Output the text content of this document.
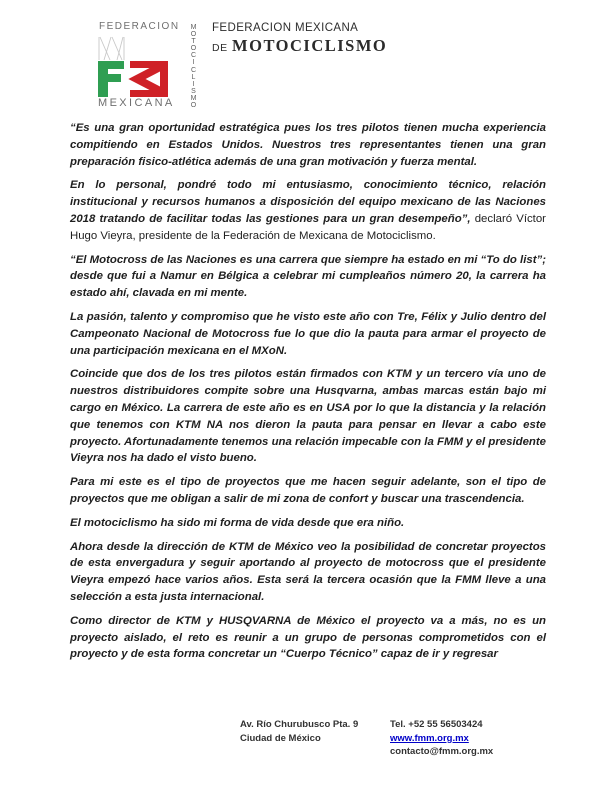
FEDERACION M
O
T
O
C
I
C
L
I
S
M
O
MEXICANA
FEDERACION MEXICANA
DE MOTOCICLISMO

“Es una gran oportunidad estratégica pues los tres pilotos tienen mucha experiencia compitiendo en Estados Unidos. Nuestros tres representantes tienen una gran preparación fisico-atlética además de una gran motivación y fuerza mental.

En lo personal, pondré todo mi entusiasmo, conocimiento técnico, relación institucional y recursos humanos a disposición del equipo mexicano de las Naciones 2018 tratando de facilitar todas las gestiones para un gran desempeño”, declaró Víctor Hugo Vieyra, presidente de la Federación de Mexicana de Motociclismo.

“El Motocross de las Naciones es una carrera que siempre ha estado en mi “To do list”; desde que fui a Namur en Bélgica a celebrar mi cumpleaños número 20, la carrera ha estado ahí, clavada en mi mente.

La pasión, talento y compromiso que he visto este año con Tre, Félix y Julio dentro del Campeonato Nacional de Motocross fue lo que dio la pauta para armar el proyecto de una participación mexicana en el MXoN.

Coincide que dos de los tres pilotos están firmados con KTM y un tercero vía uno de nuestros distribuidores compite sobre una Husqvarna, ambas marcas están bajo mi cargo en México. La carrera de este año es en USA por lo que la distancia y la relación que tenemos con KTM NA nos dieron la pauta para pensar en llevar a cabo este proyecto. Afortunadamente tenemos una relación impecable con la FMM y el presidente Vieyra nos ha dado el visto bueno.

Para mi este es el tipo de proyectos que me hacen seguir adelante, son el tipo de proyectos que me obligan a salir de mi zona de confort y buscar una trascendencia.

El motociclismo ha sido mi forma de vida desde que era niño.

Ahora desde la dirección de KTM de México veo la posibilidad de concretar proyectos de esta envergadura y seguir aportando al proyecto de motocross que el presidente Vieyra empezó hace varios años. Esta será la tercera ocasión que la FMM lleve a una selección a esta justa internacional.

Como director de KTM y HUSQVARNA de México el proyecto va a más, no es un proyecto aislado, el reto es reunir a un grupo de personas comprometidos con el proyecto y de esta forma concretar un “Cuerpo Técnico” capaz de ir y regresar

Av. Río Churubusco Pta. 9
Ciudad de México
Tel. +52 55 56503424
www.fmm.org.mx
contacto@fmm.org.mx
